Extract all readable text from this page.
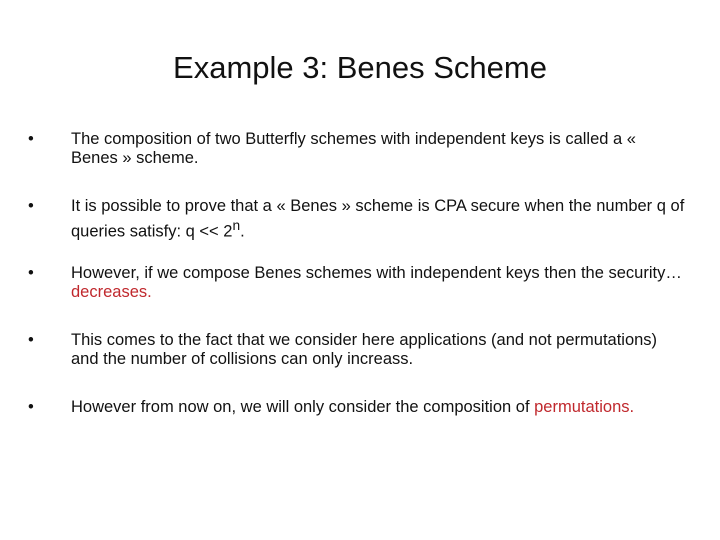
Example 3: Benes Scheme
•	The composition of two Butterfly schemes with independent keys is called a « Benes » scheme.
•	It is possible to prove that a « Benes » scheme is CPA secure when the number q of queries satisfy: $q << 2^n$.
•	However, if we compose Benes schemes with independent keys then the security… decreases.
•	This comes to the fact that we consider here applications (and not permutations) and the number of collisions can only increass.
•	However from now on, we will only consider the composition of permutations.
